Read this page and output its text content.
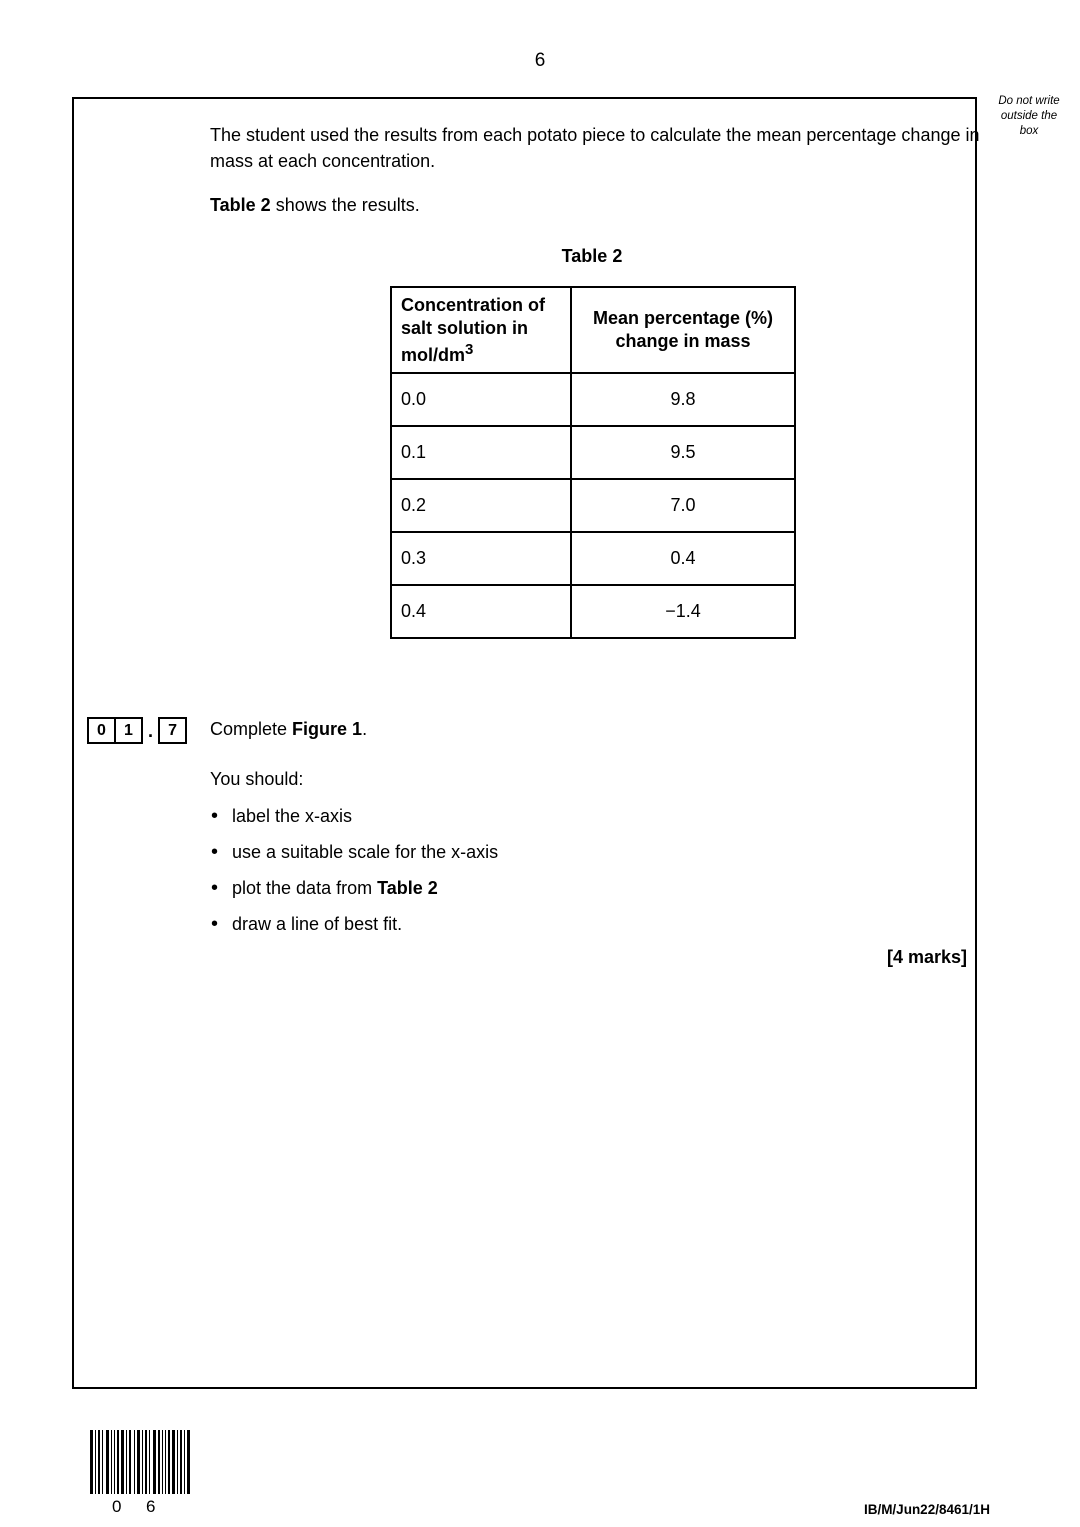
6
Do not write
outside the
box

The student used the results from each potato piece to calculate the mean percentage change in mass at each concentration.

Table 2 shows the results.

Table 2
Concentration of salt solution in mol/$dm^3$	Mean percentage (%) change in mass
0.0	9.8
0.1	9.5
0.2	7.0
0.3	0.4
0.4	−1.4
0	1 . 7	Complete Figure 1.
You should:
• label the x-axis
• use a suitable scale for the x-axis
• plot the data from Table 2
• draw a line of best fit.
[4 marks]
0 6	IB/M/Jun22/8461/1H
